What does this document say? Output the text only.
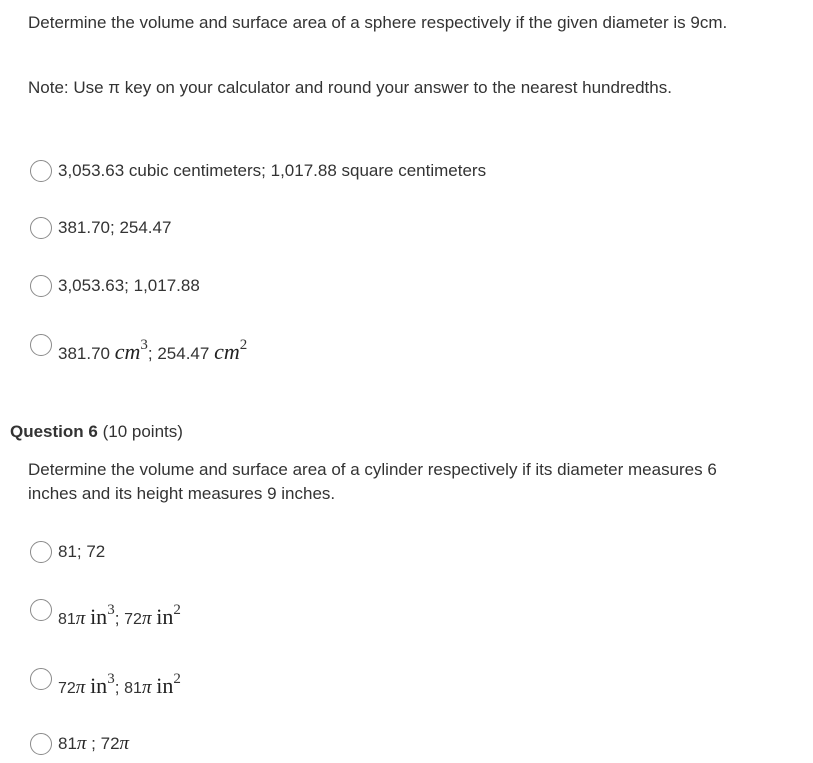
Determine the volume and surface area of a sphere respectively if the given diameter is 9cm.

Note: Use π key on your calculator and round your answer to the nearest hundredths.

3,053.63 cubic centimeters; 1,017.88 square centimeters
381.70; 254.47
3,053.63; 1,017.88
381.70 $cm^3$; 254.47 $cm^2$
Question 6 (10 points)

Determine the volume and surface area of a cylinder respectively if its diameter measures 6 inches and its height measures 9 inches.

81; 72
81π $in^3$; 72π $in^2$
72π $in^3$; 81π $in^2$
81π ; 72π
